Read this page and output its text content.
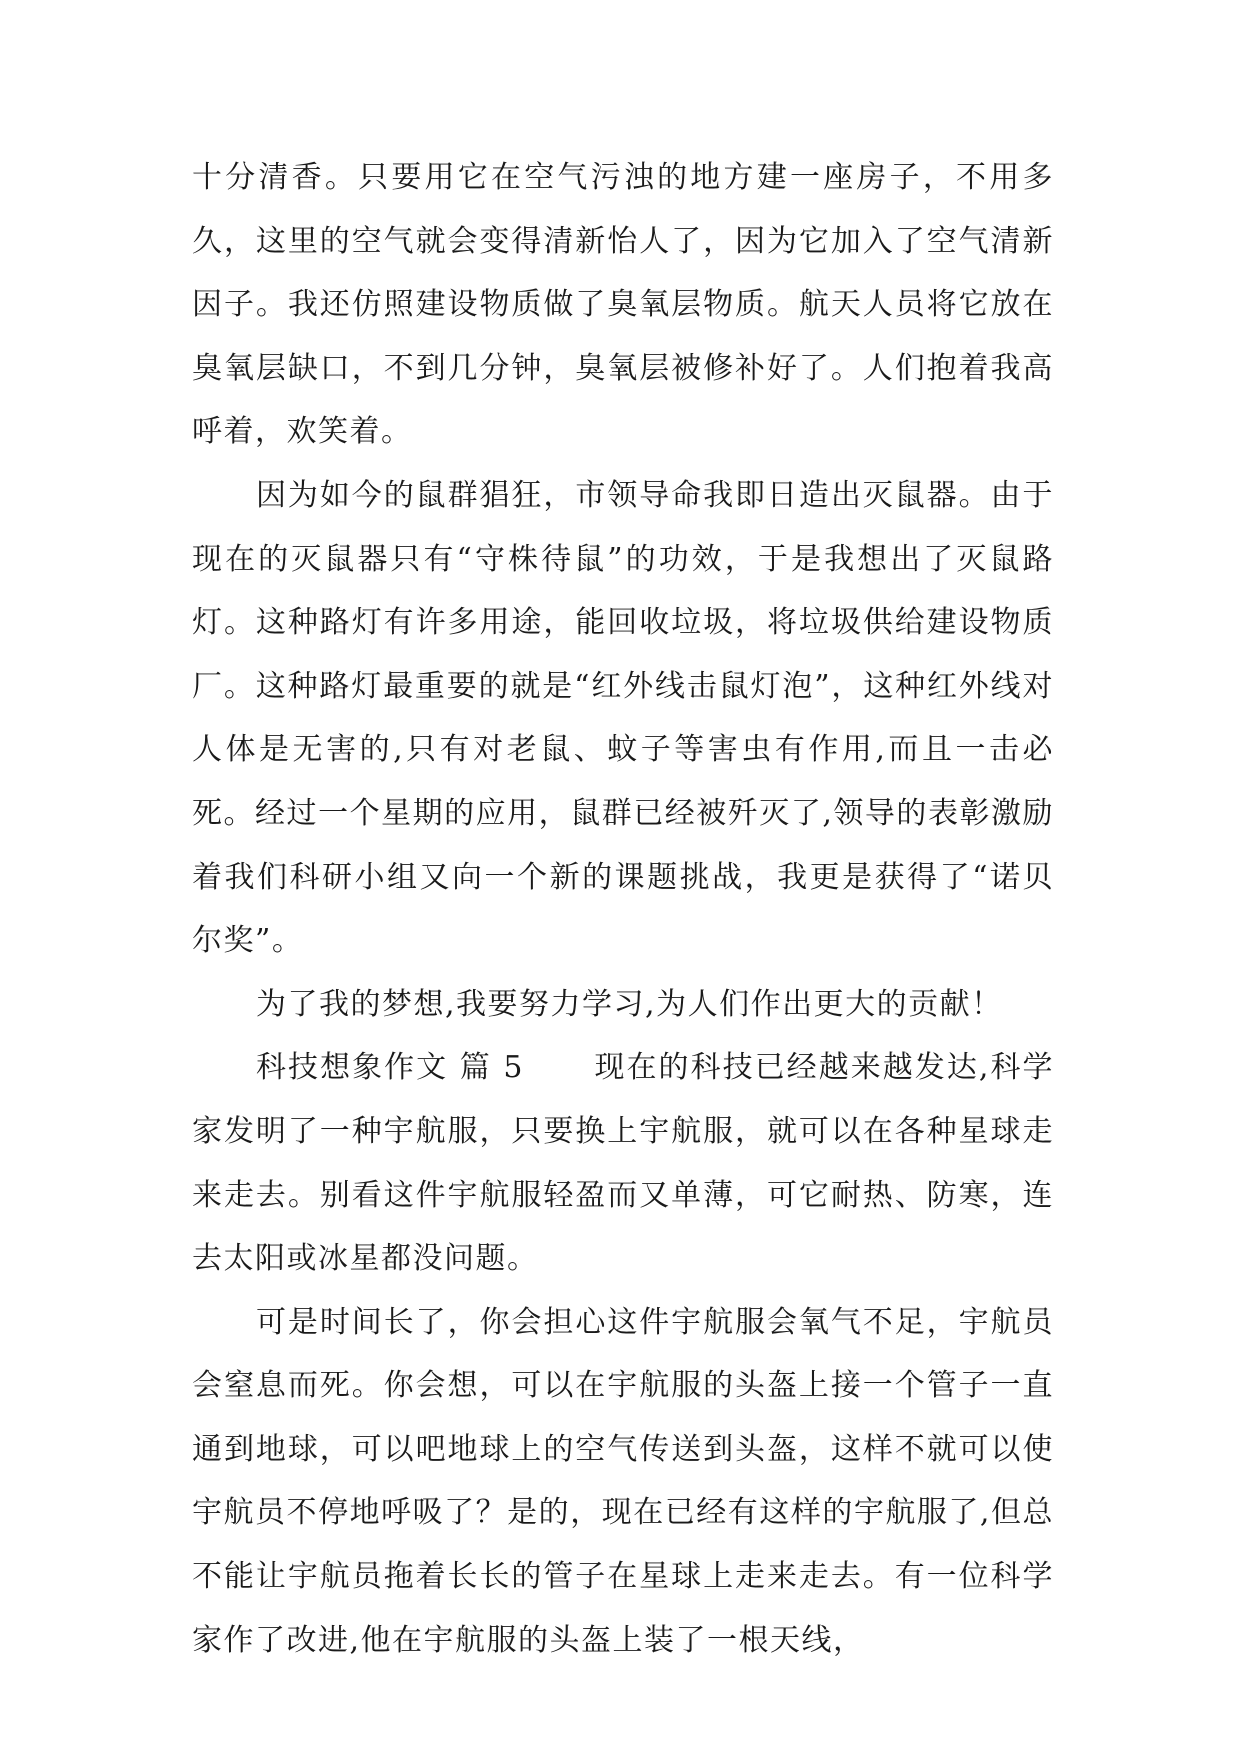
十分清香。只要用它在空气污浊的地方建一座房子，不用多久，这里的空气就会变得清新怡人了，因为它加入了空气清新因子。我还仿照建设物质做了臭氧层物质。航天人员将它放在臭氧层缺口，不到几分钟，臭氧层被修补好了。人们抱着我高呼着，欢笑着。

因为如今的鼠群猖狂，市领导命我即日造出灭鼠器。由于现在的灭鼠器只有“守株待鼠”的功效，于是我想出了灭鼠路灯。这种路灯有许多用途，能回收垃圾，将垃圾供给建设物质厂。这种路灯最重要的就是“红外线击鼠灯泡”，这种红外线对人体是无害的,只有对老鼠、蚊子等害虫有作用,而且一击必死。经过一个星期的应用，鼠群已经被歼灭了,领导的表彰激励着我们科研小组又向一个新的课题挑战，我更是获得了“诺贝尔奖”。

为了我的梦想,我要努力学习,为人们作出更大的贡献！

科技想象作文 篇 5 现在的科技已经越来越发达,科学家发明了一种宇航服，只要换上宇航服，就可以在各种星球走来走去。别看这件宇航服轻盈而又单薄，可它耐热、防寒，连去太阳或冰星都没问题。

可是时间长了，你会担心这件宇航服会氧气不足，宇航员会窒息而死。你会想，可以在宇航服的头盔上接一个管子一直通到地球，可以吧地球上的空气传送到头盔，这样不就可以使宇航员不停地呼吸了？是的，现在已经有这样的宇航服了,但总不能让宇航员拖着长长的管子在星球上走来走去。有一位科学家作了改进,他在宇航服的头盔上装了一根天线，
